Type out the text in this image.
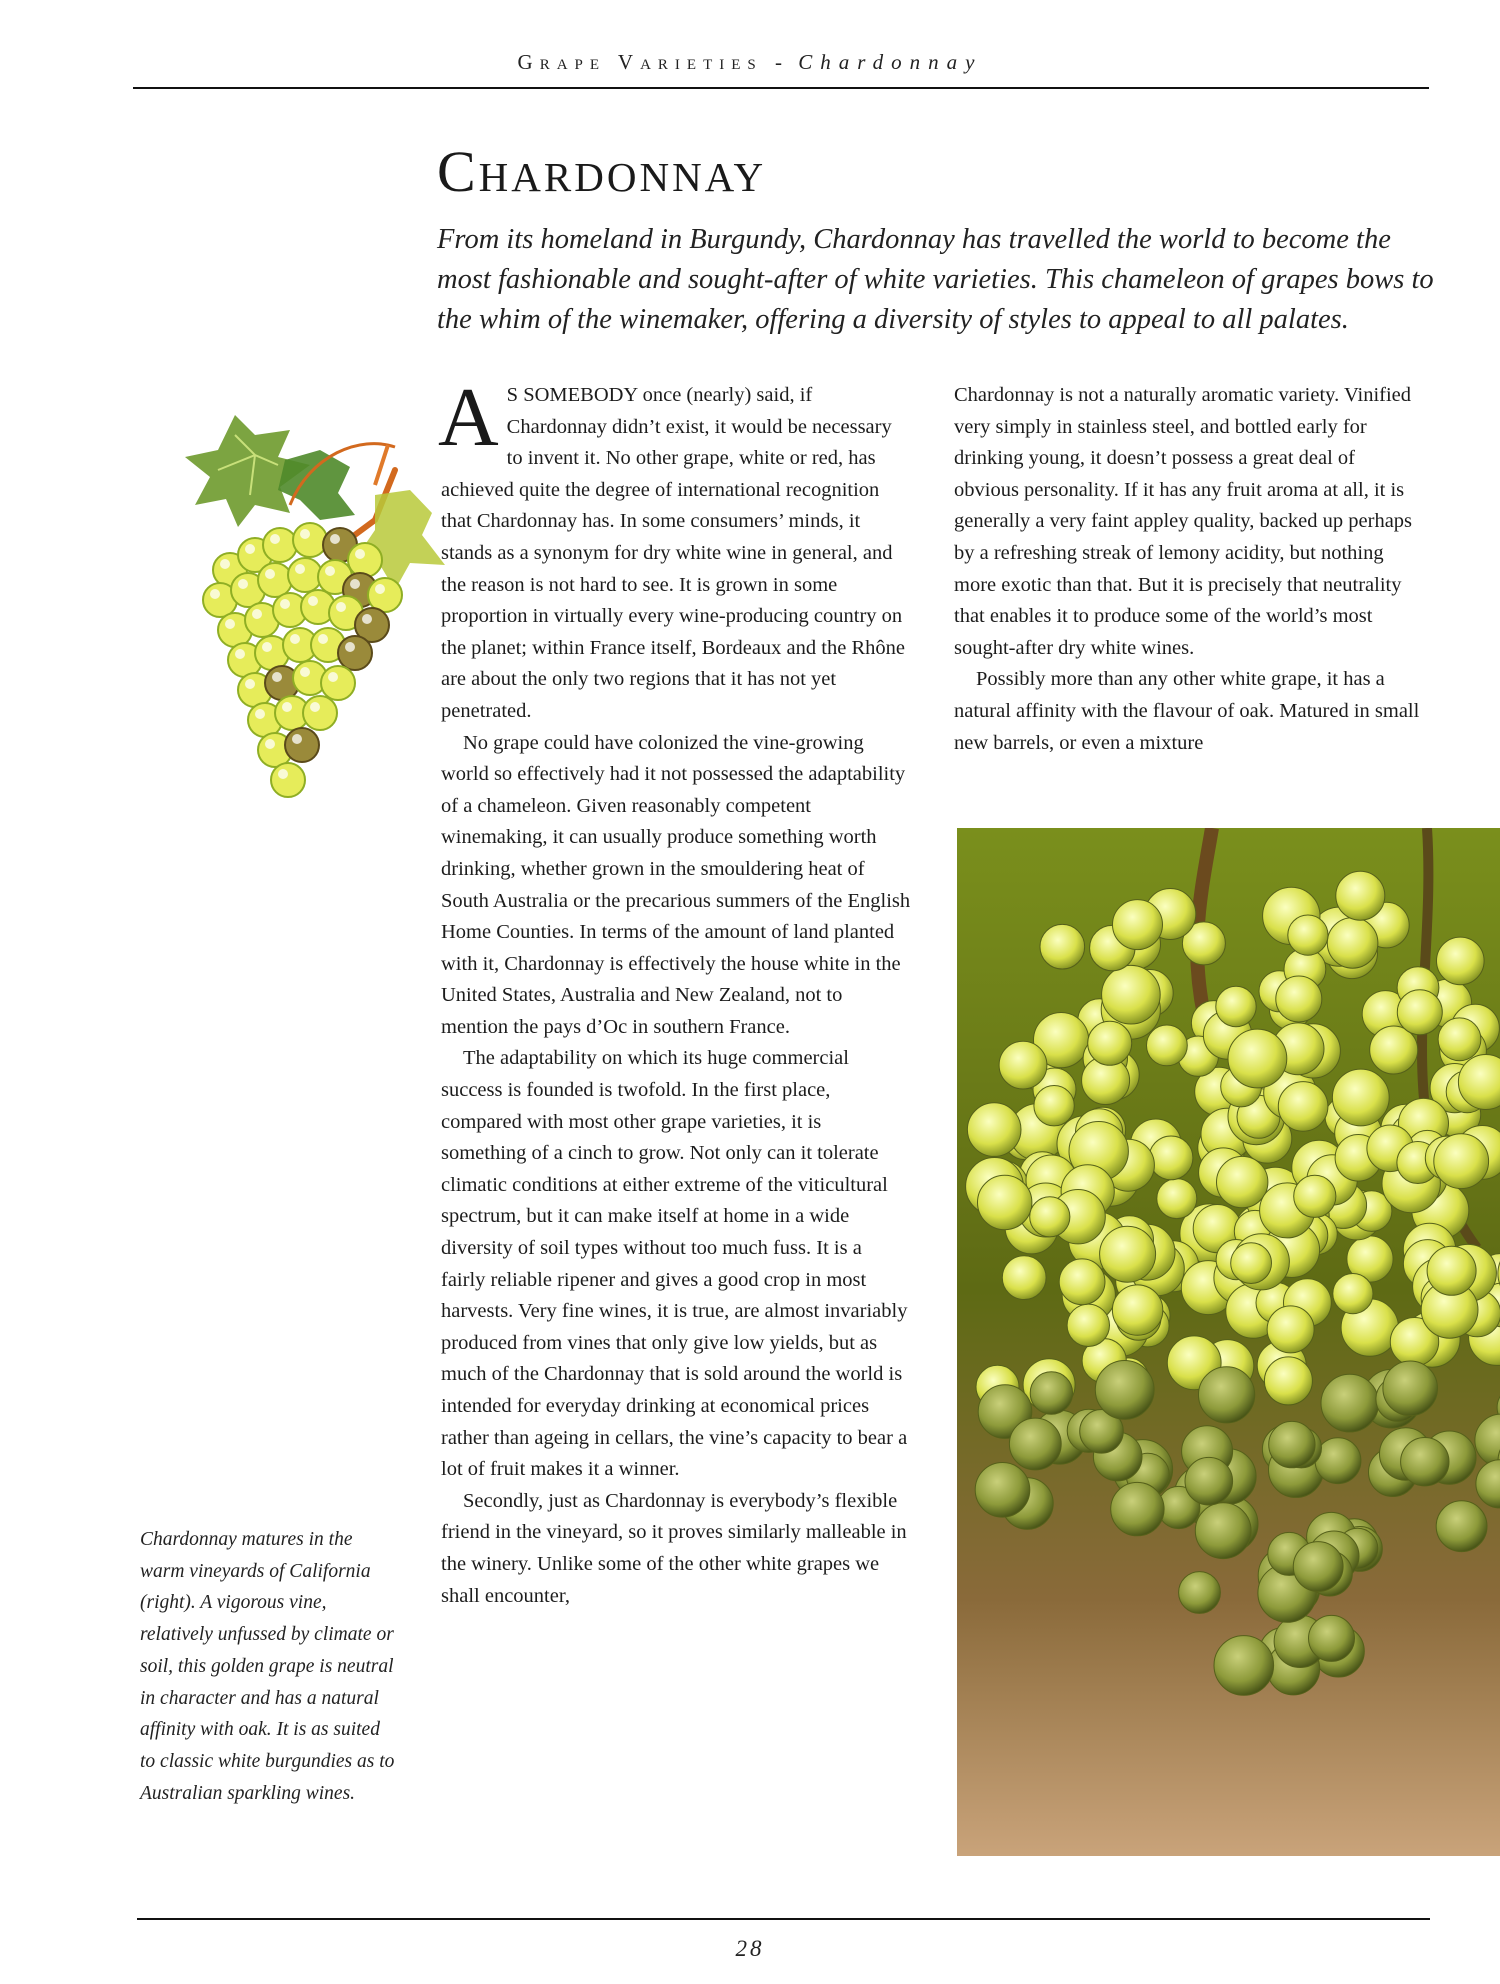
Grape Varieties - Chardonnay
Chardonnay

From its homeland in Burgundy, Chardonnay has travelled the world to become the most fashionable and sought-after of white varieties. This chameleon of grapes bows to the whim of the winemaker, offering a diversity of styles to appeal to all palates.

A S SOMEBODY once (nearly) said, if Chardonnay didn’t exist, it would be necessary to invent it. No other grape, white or red, has achieved quite the degree of international recognition that Chardonnay has. In some consumers’ minds, it stands as a synonym for dry white wine in general, and the reason is not hard to see. It is grown in some proportion in virtually every wine-producing country on the planet; within France itself, Bordeaux and the Rhône are about the only two regions that it has not yet penetrated.

No grape could have colonized the vine-growing world so effectively had it not possessed the adaptability of a chameleon. Given reasonably competent winemaking, it can usually produce something worth drinking, whether grown in the smouldering heat of South Australia or the precarious summers of the English Home Counties. In terms of the amount of land planted with it, Chardonnay is effectively the house white in the United States, Australia and New Zealand, not to mention the pays d’Oc in southern France.

The adaptability on which its huge commercial success is founded is twofold. In the first place, compared with most other grape varieties, it is something of a cinch to grow. Not only can it tolerate climatic conditions at either extreme of the viticultural spectrum, but it can make itself at home in a wide diversity of soil types without too much fuss. It is a fairly reliable ripener and gives a good crop in most harvests. Very fine wines, it is true, are almost invariably produced from vines that only give low yields, but as much of the Chardonnay that is sold around the world is intended for everyday drinking at economical prices rather than ageing in cellars, the vine’s capacity to bear a lot of fruit makes it a winner.

Secondly, just as Chardonnay is everybody’s flexible friend in the vineyard, so it proves similarly malleable in the winery. Unlike some of the other white grapes we shall encounter,

Chardonnay is not a naturally aromatic variety. Vinified very simply in stainless steel, and bottled early for drinking young, it doesn’t possess a great deal of obvious personality. If it has any fruit aroma at all, it is generally a very faint appley quality, backed up perhaps by a refreshing streak of lemony acidity, but nothing more exotic than that. But it is precisely that neutrality that enables it to produce some of the world’s most sought-after dry white wines.

Possibly more than any other white grape, it has a natural affinity with the flavour of oak. Matured in small new barrels, or even a mixture

Chardonnay matures in the warm vineyards of California (right). A vigorous vine, relatively unfussed by climate or soil, this golden grape is neutral in character and has a natural affinity with oak. It is as suited to classic white burgundies as to Australian sparkling wines.

28
